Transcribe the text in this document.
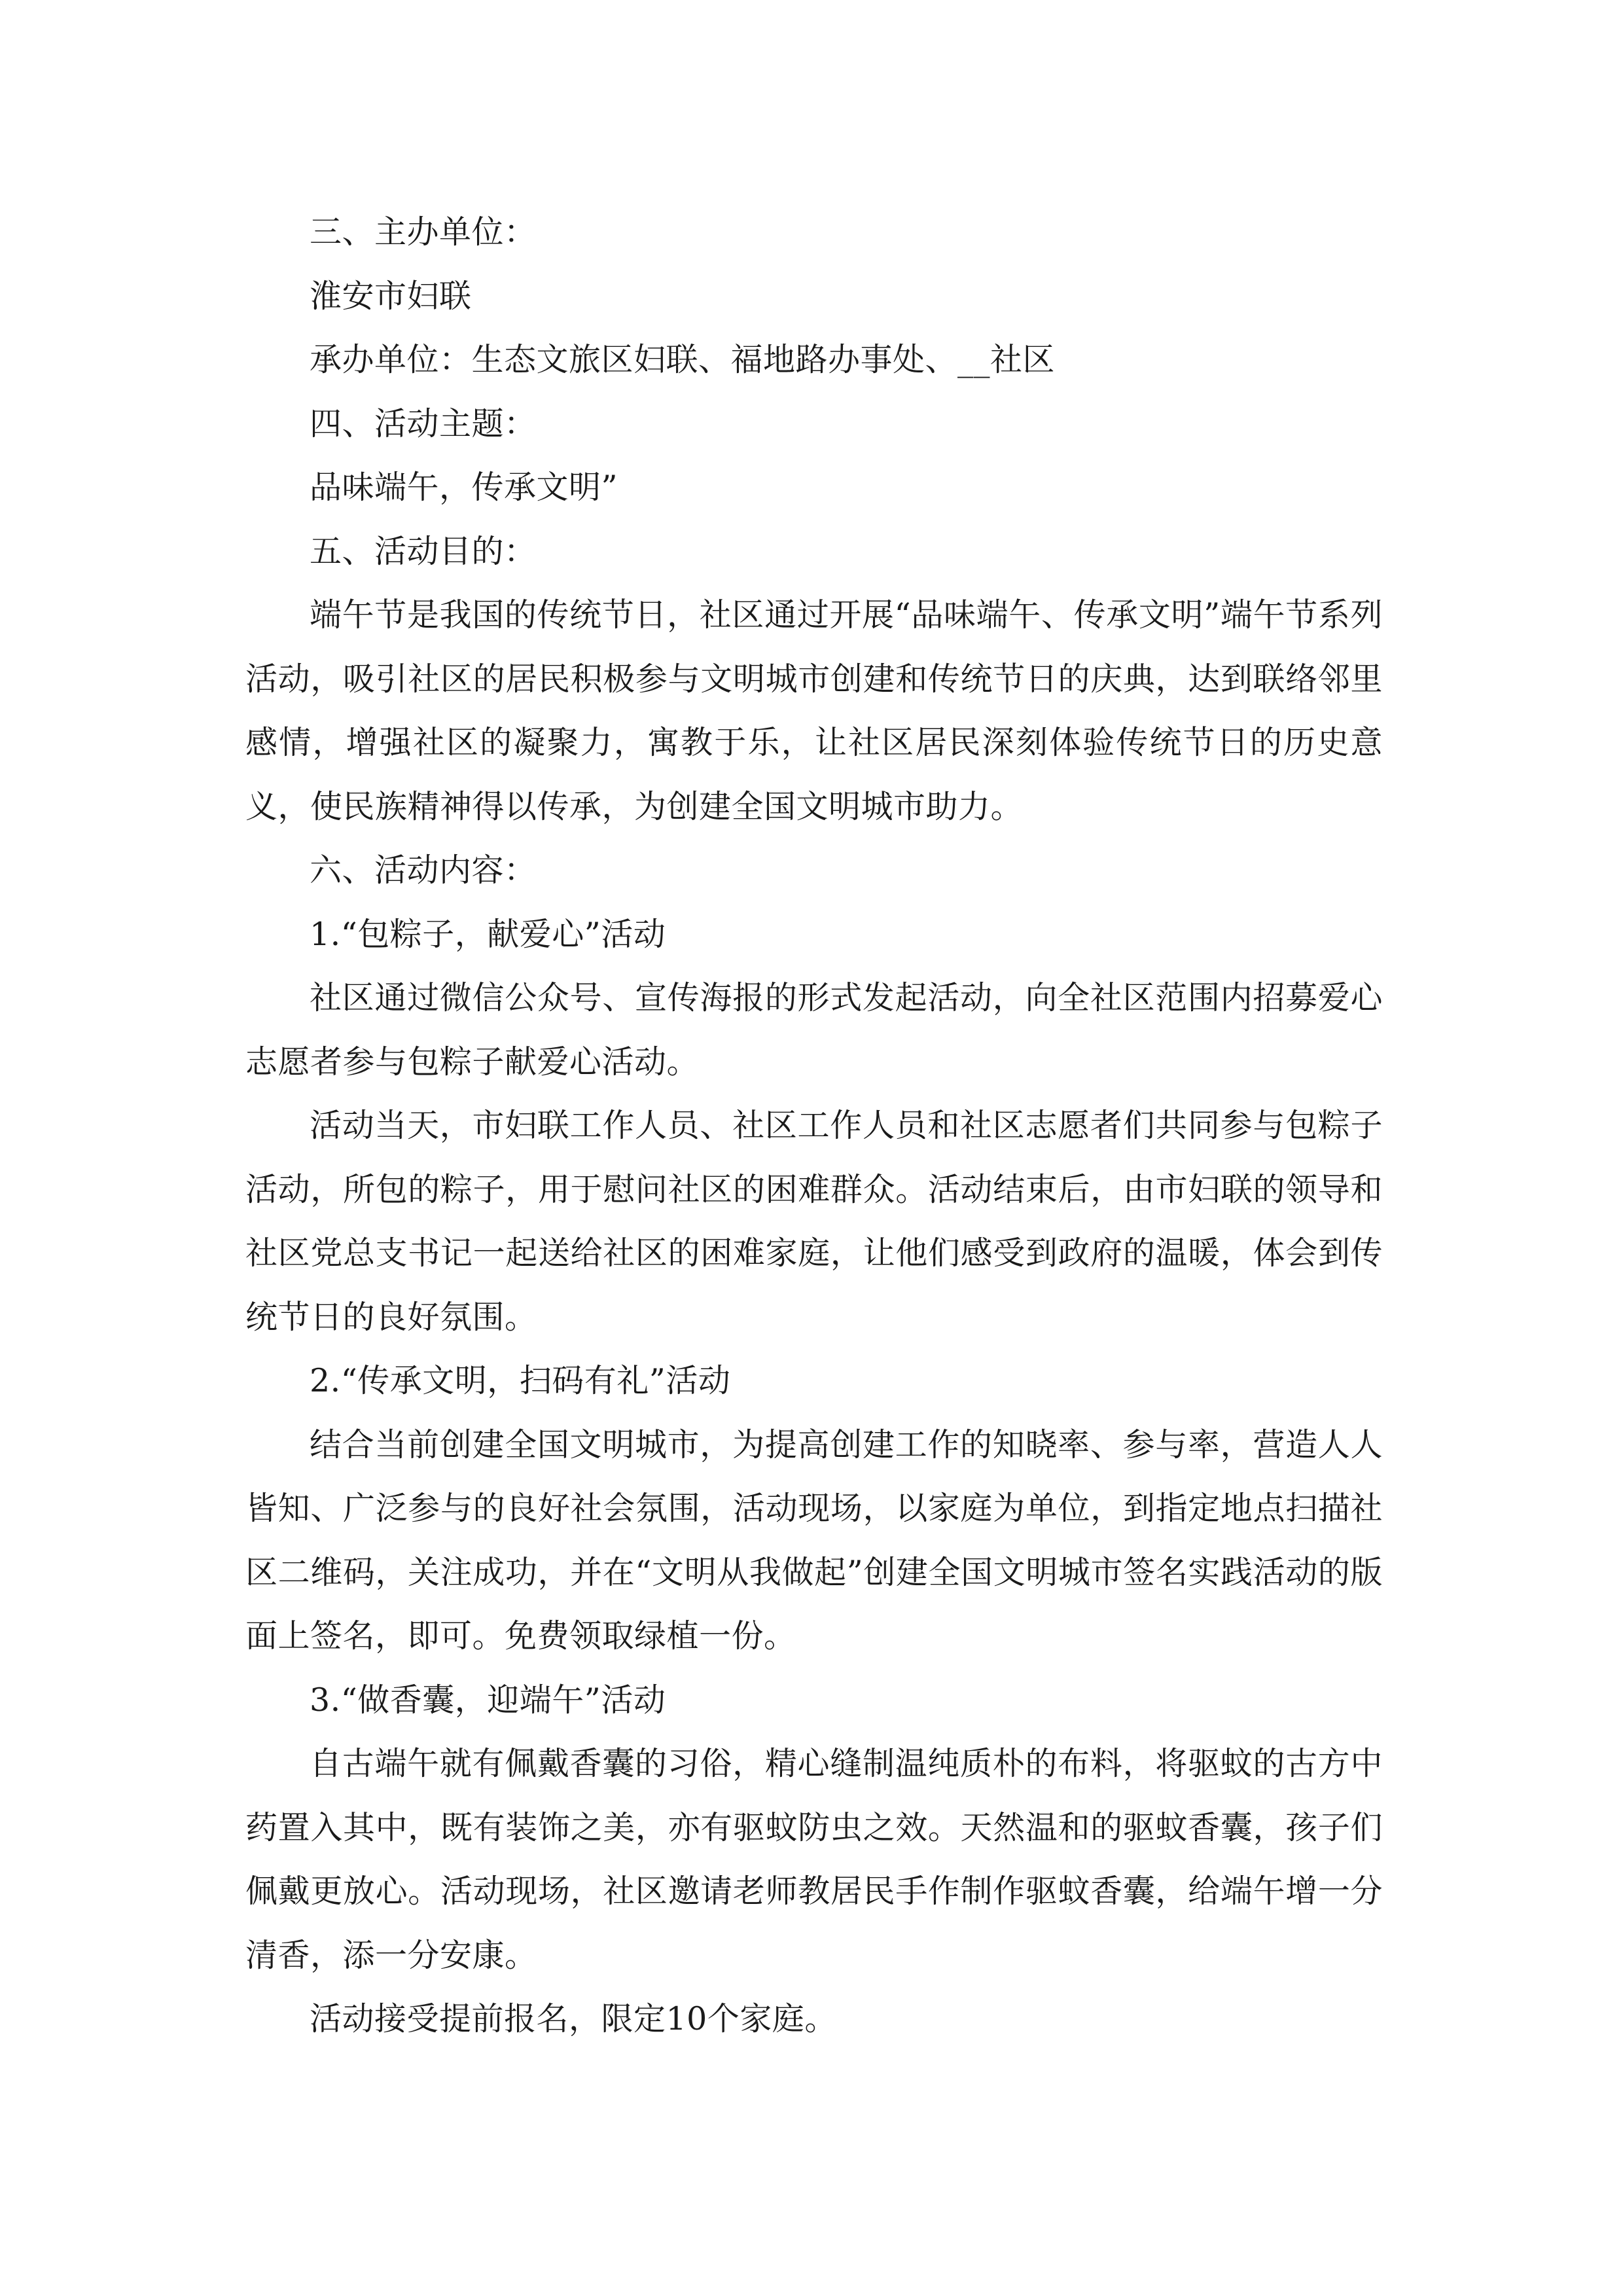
三、主办单位：

淮安市妇联

承办单位：生态文旅区妇联、福地路办事处、__社区

四、活动主题：

品味端午，传承文明”

五、活动目的：

端午节是我国的传统节日，社区通过开展“品味端午、传承文明”端午节系列活动，吸引社区的居民积极参与文明城市创建和传统节日的庆典，达到联络邻里感情，增强社区的凝聚力，寓教于乐，让社区居民深刻体验传统节日的历史意义，使民族精神得以传承，为创建全国文明城市助力。

六、活动内容：

1.“包粽子，献爱心”活动

社区通过微信公众号、宣传海报的形式发起活动，向全社区范围内招募爱心志愿者参与包粽子献爱心活动。

活动当天，市妇联工作人员、社区工作人员和社区志愿者们共同参与包粽子活动，所包的粽子，用于慰问社区的困难群众。活动结束后，由市妇联的领导和社区党总支书记一起送给社区的困难家庭，让他们感受到政府的温暖，体会到传统节日的良好氛围。

2.“传承文明，扫码有礼”活动

结合当前创建全国文明城市，为提高创建工作的知晓率、参与率，营造人人皆知、广泛参与的良好社会氛围，活动现场，以家庭为单位，到指定地点扫描社区二维码，关注成功，并在“文明从我做起”创建全国文明城市签名实践活动的版面上签名，即可。免费领取绿植一份。

3.“做香囊，迎端午”活动

自古端午就有佩戴香囊的习俗，精心缝制温纯质朴的布料，将驱蚊的古方中药置入其中，既有装饰之美，亦有驱蚊防虫之效。天然温和的驱蚊香囊，孩子们佩戴更放心。活动现场，社区邀请老师教居民手作制作驱蚊香囊，给端午增一分清香，添一分安康。

活动接受提前报名，限定10个家庭。
